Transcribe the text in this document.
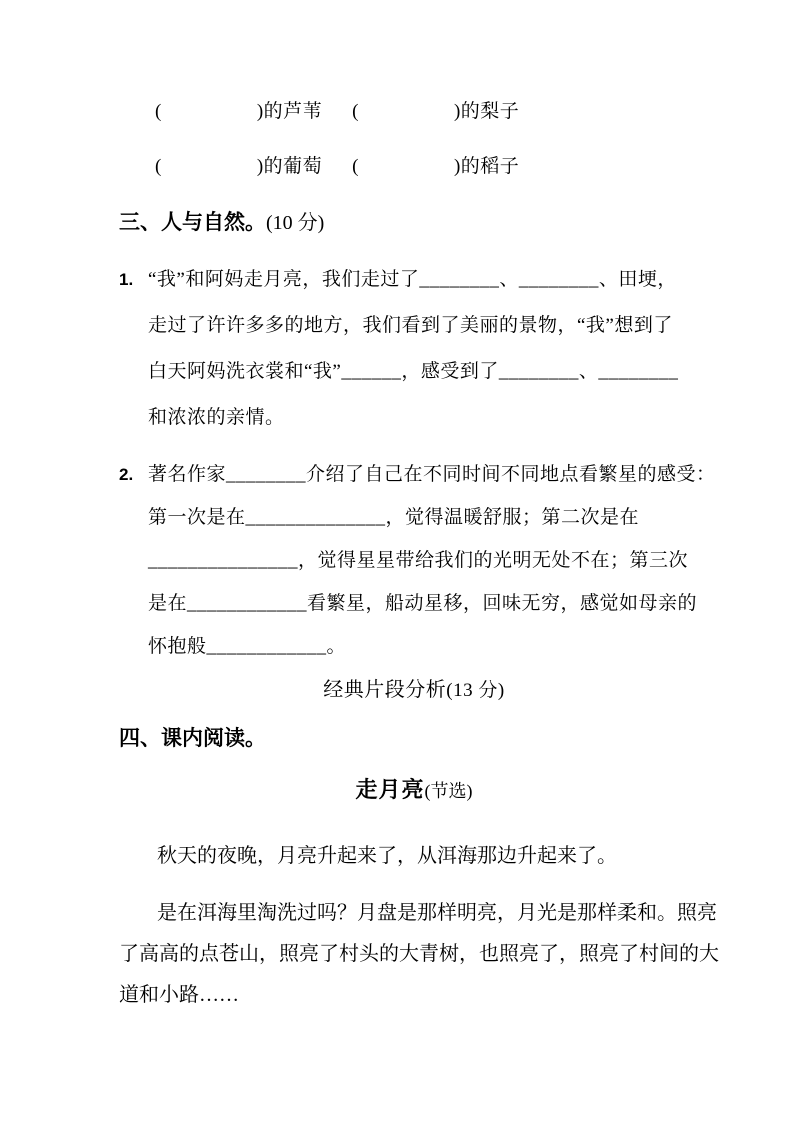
(	)的芦苇 (	)的梨子
(	)的葡萄 (	)的稻子
三、人与自然。(10 分)
1. “我”和阿妈走月亮，我们走过了________、________、田埂，
走过了许许多多的地方，我们看到了美丽的景物，“我”想到了
白天阿妈洗衣裳和“我”______，感受到了________、________
和浓浓的亲情。
2. 著名作家________介绍了自己在不同时间不同地点看繁星的感受：
第一次是在______________，觉得温暖舒服；第二次是在
_______________，觉得星星带给我们的光明无处不在；第三次
是在____________看繁星，船动星移，回味无穷，感觉如母亲的
怀抱般____________。
经典片段分析(13 分)
四、课内阅读。
走月亮(节选)
秋天的夜晚，月亮升起来了，从洱海那边升起来了。
是在洱海里淘洗过吗？月盘是那样明亮，月光是那样柔和。照亮
了高高的点苍山，照亮了村头的大青树，也照亮了，照亮了村间的大
道和小路……
